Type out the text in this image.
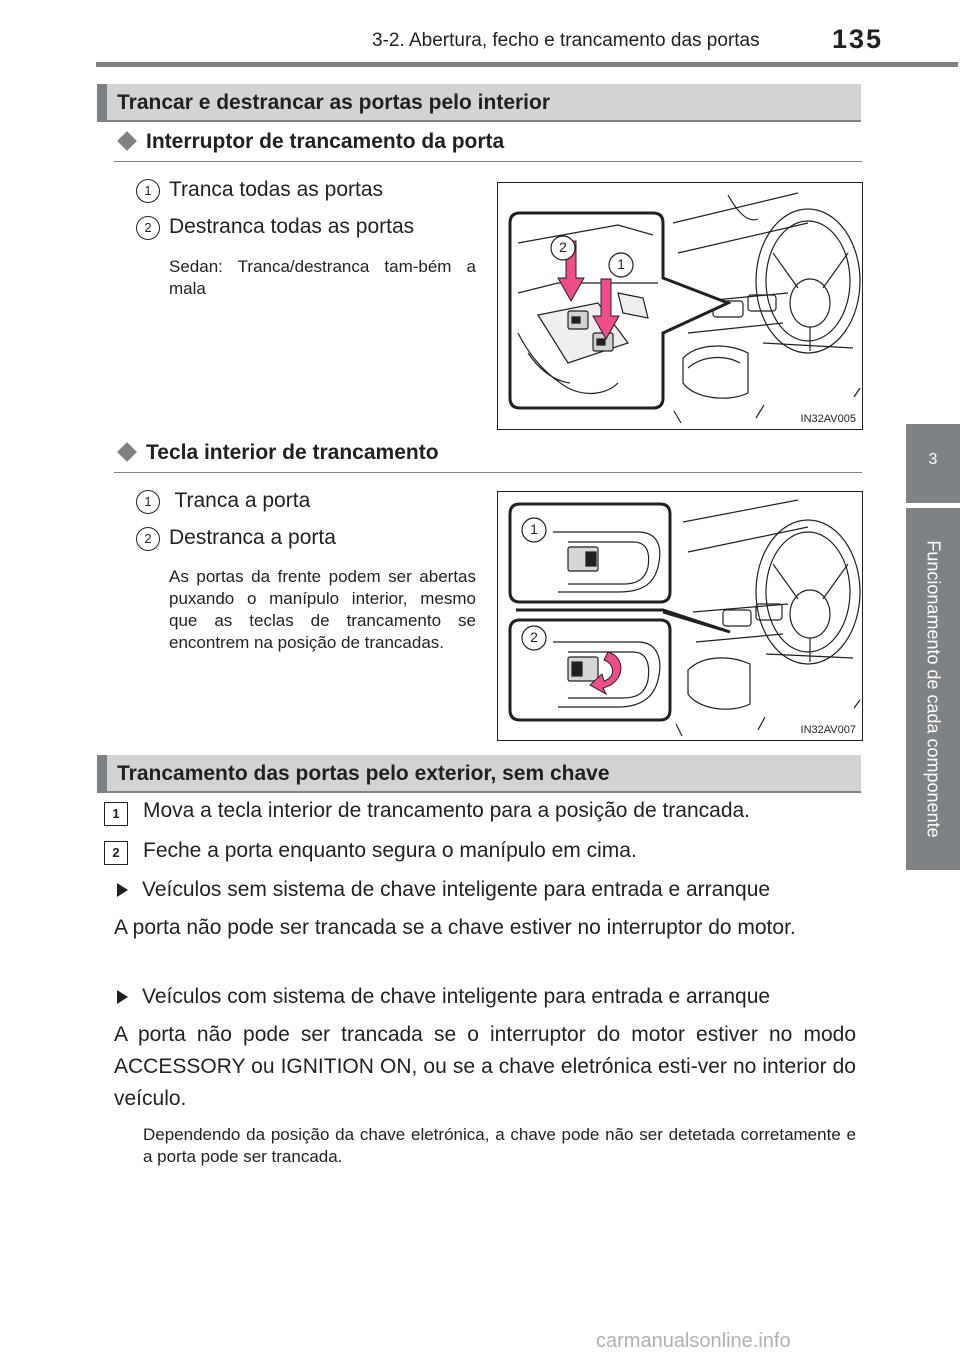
3-2. Abertura, fecho e trancamento das portas	135
3
Funcionamento de cada componente
Trancar e destrancar as portas pelo interior
Interruptor de trancamento da porta
1 Tranca todas as portas
2 Destranca todas as portas
Sedan: Tranca/destranca tam-bém a mala
2
1
IN32AV005
Tecla interior de trancamento
1 Tranca a porta
2 Destranca a porta
As portas da frente podem ser abertas puxando o manípulo interior, mesmo que as teclas de trancamento se encontrem na posição de trancadas.
1
2
IN32AV007
Trancamento das portas pelo exterior, sem chave
1	Mova a tecla interior de trancamento para a posição de trancada.
2	Feche a porta enquanto segura o manípulo em cima.
Veículos sem sistema de chave inteligente para entrada e arranque
A porta não pode ser trancada se a chave estiver no interruptor do motor.
Veículos com sistema de chave inteligente para entrada e arranque
A porta não pode ser trancada se o interruptor do motor estiver no modo ACCESSORY ou IGNITION ON, ou se a chave eletrónica esti-ver no interior do veículo.
Dependendo da posição da chave eletrónica, a chave pode não ser detetada corretamente e a porta pode ser trancada.
carmanualsonline.info
